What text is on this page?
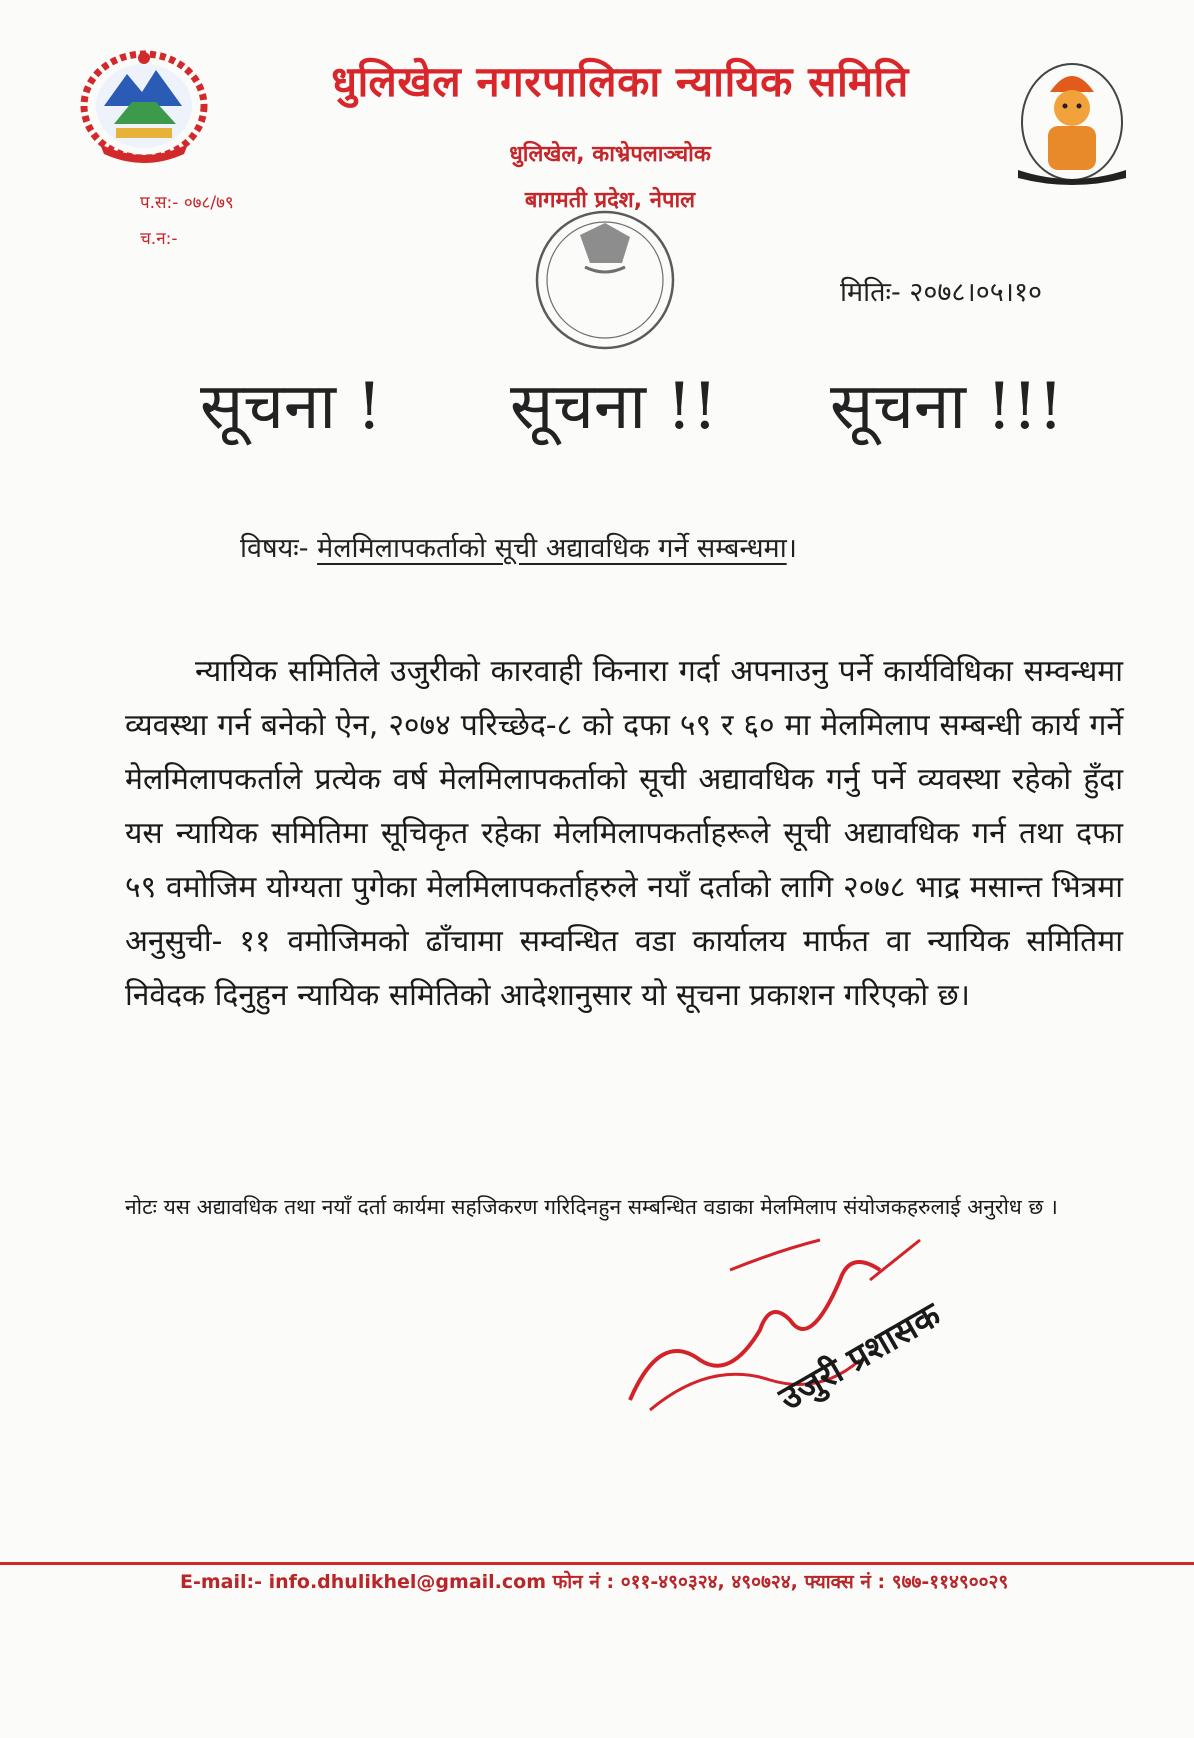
धुलिखेल नगरपालिका न्यायिक समिति
धुलिखेल, काभ्रेपलाञ्चोक
बागमती प्रदेश, नेपाल
प.स:- ०७८/७९
च.न:-
मितिः- २०७८।०५।१०
सूचना ! सूचना !! सूचना !!!
विषयः- मेलमिलापकर्ताको सूची अद्यावधिक गर्ने सम्बन्धमा।
न्यायिक समितिले उजुरीको कारवाही किनारा गर्दा अपनाउनु पर्ने कार्यविधिका सम्वन्धमा व्यवस्था गर्न बनेको ऐन, २०७४ परिच्छेद-८ को दफा ५९ र ६० मा मेलमिलाप सम्बन्धी कार्य गर्ने मेलमिलापकर्ताले प्रत्येक वर्ष मेलमिलापकर्ताको सूची अद्यावधिक गर्नु पर्ने व्यवस्था रहेको हुँदा यस न्यायिक समितिमा सूचिकृत रहेका मेलमिलापकर्ताहरूले सूची अद्यावधिक गर्न तथा दफा ५९ वमोजिम योग्यता पुगेका मेलमिलापकर्ताहरुले नयाँ दर्ताको लागि २०७८ भाद्र मसान्त भित्रमा अनुसुची- ११ वमोजिमको ढाँचामा सम्वन्धित वडा कार्यालय मार्फत वा न्यायिक समितिमा निवेदक दिनुहुन न्यायिक समितिको आदेशानुसार यो सूचना प्रकाशन गरिएको छ।
नोटः यस अद्यावधिक तथा नयाँ दर्ता कार्यमा सहजिकरण गरिदिनहुन सम्बन्धित वडाका मेलमिलाप संयोजकहरुलाई अनुरोध छ ।
उजुरी प्रशासक
E-mail:- info.dhulikhel@gmail.com फोन नं : ०११-४९०३२४, ४९०७२४, फ्याक्स नं : ९७७-११४९००२९
